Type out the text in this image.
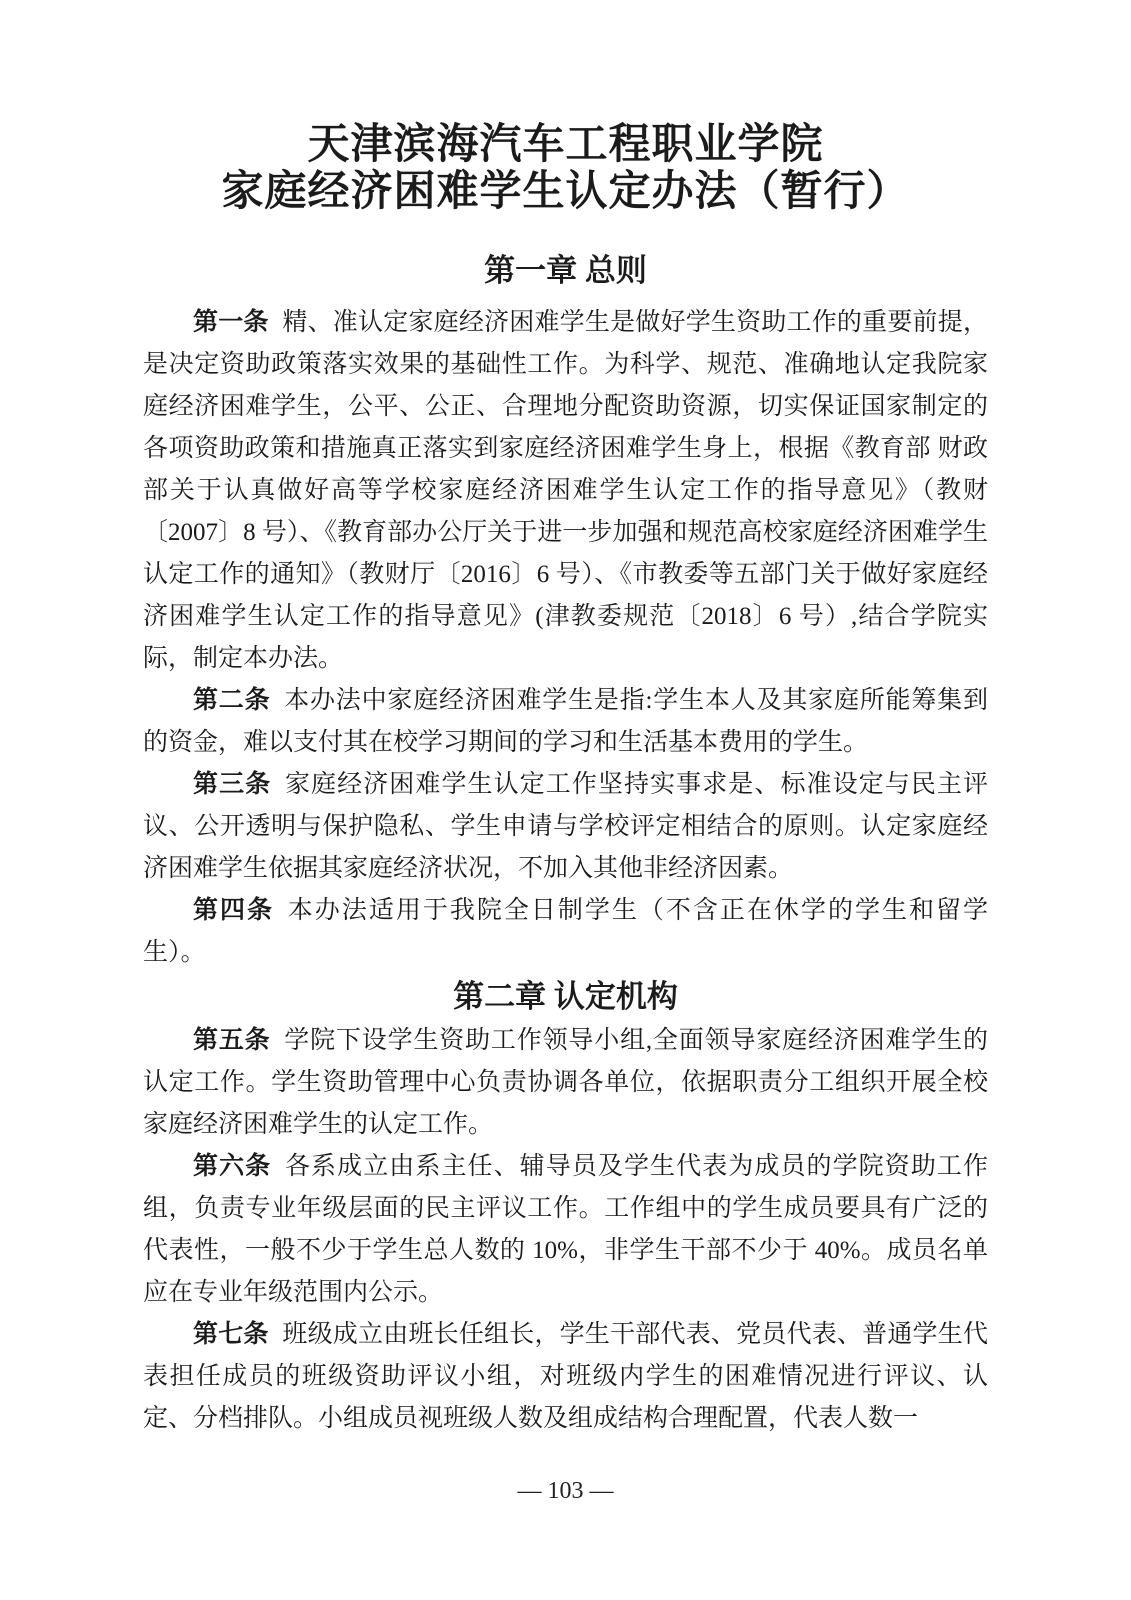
天津滨海汽车工程职业学院
家庭经济困难学生认定办法（暂行）
第一章 总则

第一条 精、准认定家庭经济困难学生是做好学生资助工作的重要前提，是决定资助政策落实效果的基础性工作。为科学、规范、准确地认定我院家庭经济困难学生，公平、公正、合理地分配资助资源，切实保证国家制定的各项资助政策和措施真正落实到家庭经济困难学生身上，根据《教育部 财政部关于认真做好高等学校家庭经济困难学生认定工作的指导意见》（教财〔2007〕8 号）、《教育部办公厅关于进一步加强和规范高校家庭经济困难学生认定工作的通知》（教财厅〔2016〕6 号）、《市教委等五部门关于做好家庭经济困难学生认定工作的指导意见》(津教委规范〔2018〕6 号）,结合学院实际，制定本办法。

第二条 本办法中家庭经济困难学生是指:学生本人及其家庭所能筹集到的资金，难以支付其在校学习期间的学习和生活基本费用的学生。

第三条 家庭经济困难学生认定工作坚持实事求是、标准设定与民主评议、公开透明与保护隐私、学生申请与学校评定相结合的原则。认定家庭经济困难学生依据其家庭经济状况，不加入其他非经济因素。

第四条 本办法适用于我院全日制学生（不含正在休学的学生和留学生）。

第二章 认定机构

第五条 学院下设学生资助工作领导小组,全面领导家庭经济困难学生的认定工作。学生资助管理中心负责协调各单位，依据职责分工组织开展全校家庭经济困难学生的认定工作。

第六条 各系成立由系主任、辅导员及学生代表为成员的学院资助工作组，负责专业年级层面的民主评议工作。工作组中的学生成员要具有广泛的代表性，一般不少于学生总人数的 10%，非学生干部不少于 40%。成员名单应在专业年级范围内公示。

第七条 班级成立由班长任组长，学生干部代表、党员代表、普通学生代表担任成员的班级资助评议小组，对班级内学生的困难情况进行评议、认定、分档排队。小组成员视班级人数及组成结构合理配置，代表人数一

— 103 —
